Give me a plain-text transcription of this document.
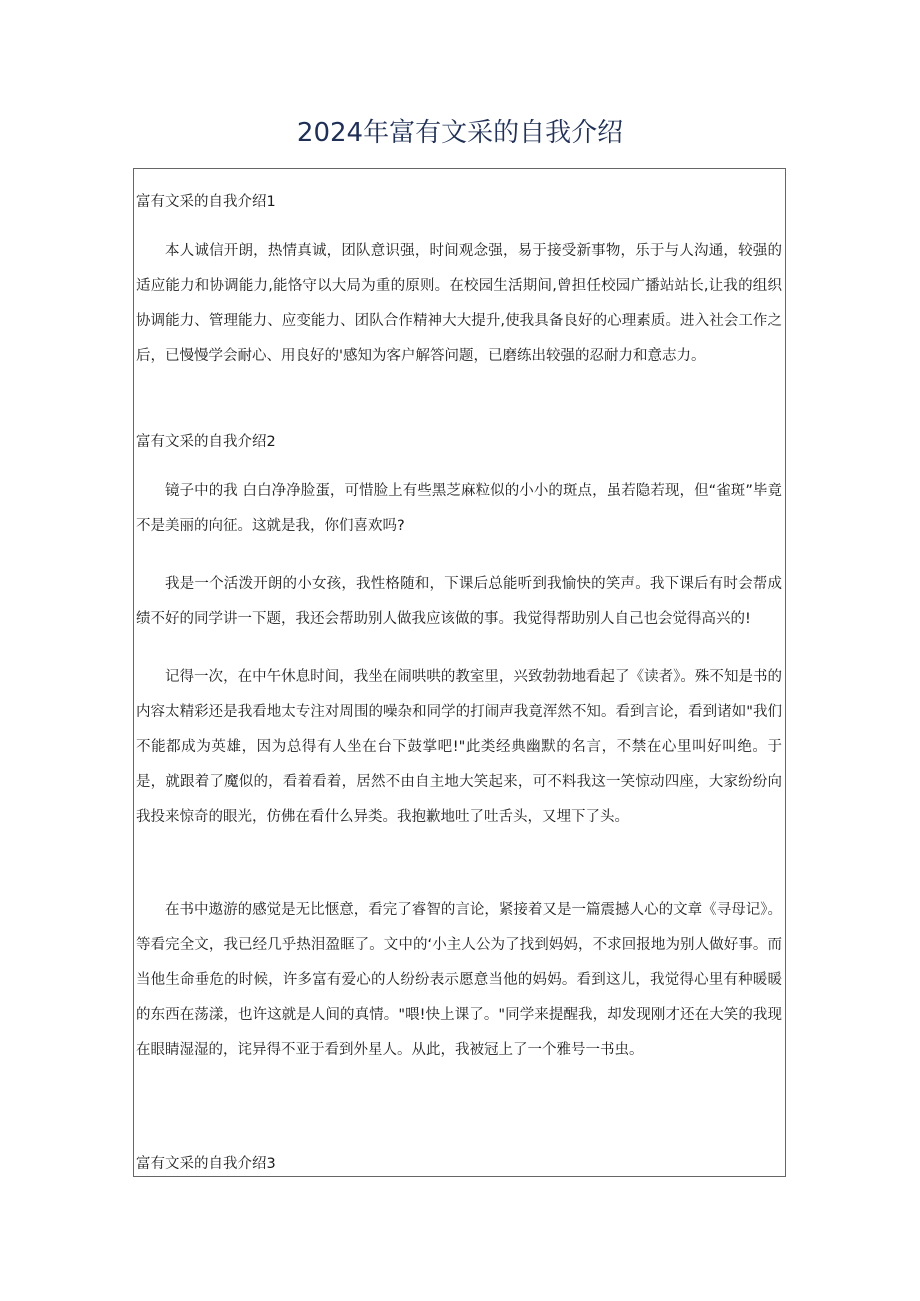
2024年富有文采的自我介绍
富有文采的自我介绍1

本人诚信开朗，热情真诚，团队意识强，时间观念强，易于接受新事物，乐于与人沟通，较强的适应能力和协调能力,能恪守以大局为重的原则。在校园生活期间,曾担任校园广播站站长,让我的组织协调能力、管理能力、应变能力、团队合作精神大大提升,使我具备良好的心理素质。进入社会工作之后，已慢慢学会耐心、用良好的'感知为客户解答问题，已磨练出较强的忍耐力和意志力。

富有文采的自我介绍2

镜子中的我 白白净净脸蛋，可惜脸上有些黑芝麻粒似的小小的斑点，虽若隐若现，但“雀斑”毕竟不是美丽的向征。这就是我，你们喜欢吗?

我是一个活泼开朗的小女孩，我性格随和，下课后总能听到我愉快的笑声。我下课后有时会帮成绩不好的同学讲一下题，我还会帮助别人做我应该做的事。我觉得帮助别人自己也会觉得高兴的!

记得一次，在中午休息时间，我坐在闹哄哄的教室里，兴致勃勃地看起了《读者》。殊不知是书的内容太精彩还是我看地太专注对周围的噪杂和同学的打闹声我竟浑然不知。看到言论，看到诸如"我们不能都成为英雄，因为总得有人坐在台下鼓掌吧!"此类经典幽默的名言，不禁在心里叫好叫绝。于是，就跟着了魔似的，看着看着，居然不由自主地大笑起来，可不料我这一笑惊动四座，大家纷纷向我投来惊奇的眼光，仿佛在看什么异类。我抱歉地吐了吐舌头，又埋下了头。

在书中遨游的感觉是无比惬意，看完了睿智的言论，紧接着又是一篇震撼人心的文章《寻母记》。等看完全文，我已经几乎热泪盈眶了。文中的‘小主人公为了找到妈妈，不求回报地为别人做好事。而当他生命垂危的时候，许多富有爱心的人纷纷表示愿意当他的妈妈。看到这儿，我觉得心里有种暖暖的东西在荡漾，也许这就是人间的真情。"喂!快上课了。"同学来提醒我，却发现刚才还在大笑的我现在眼睛湿湿的，诧异得不亚于看到外星人。从此，我被冠上了一个雅号一书虫。

富有文采的自我介绍3
